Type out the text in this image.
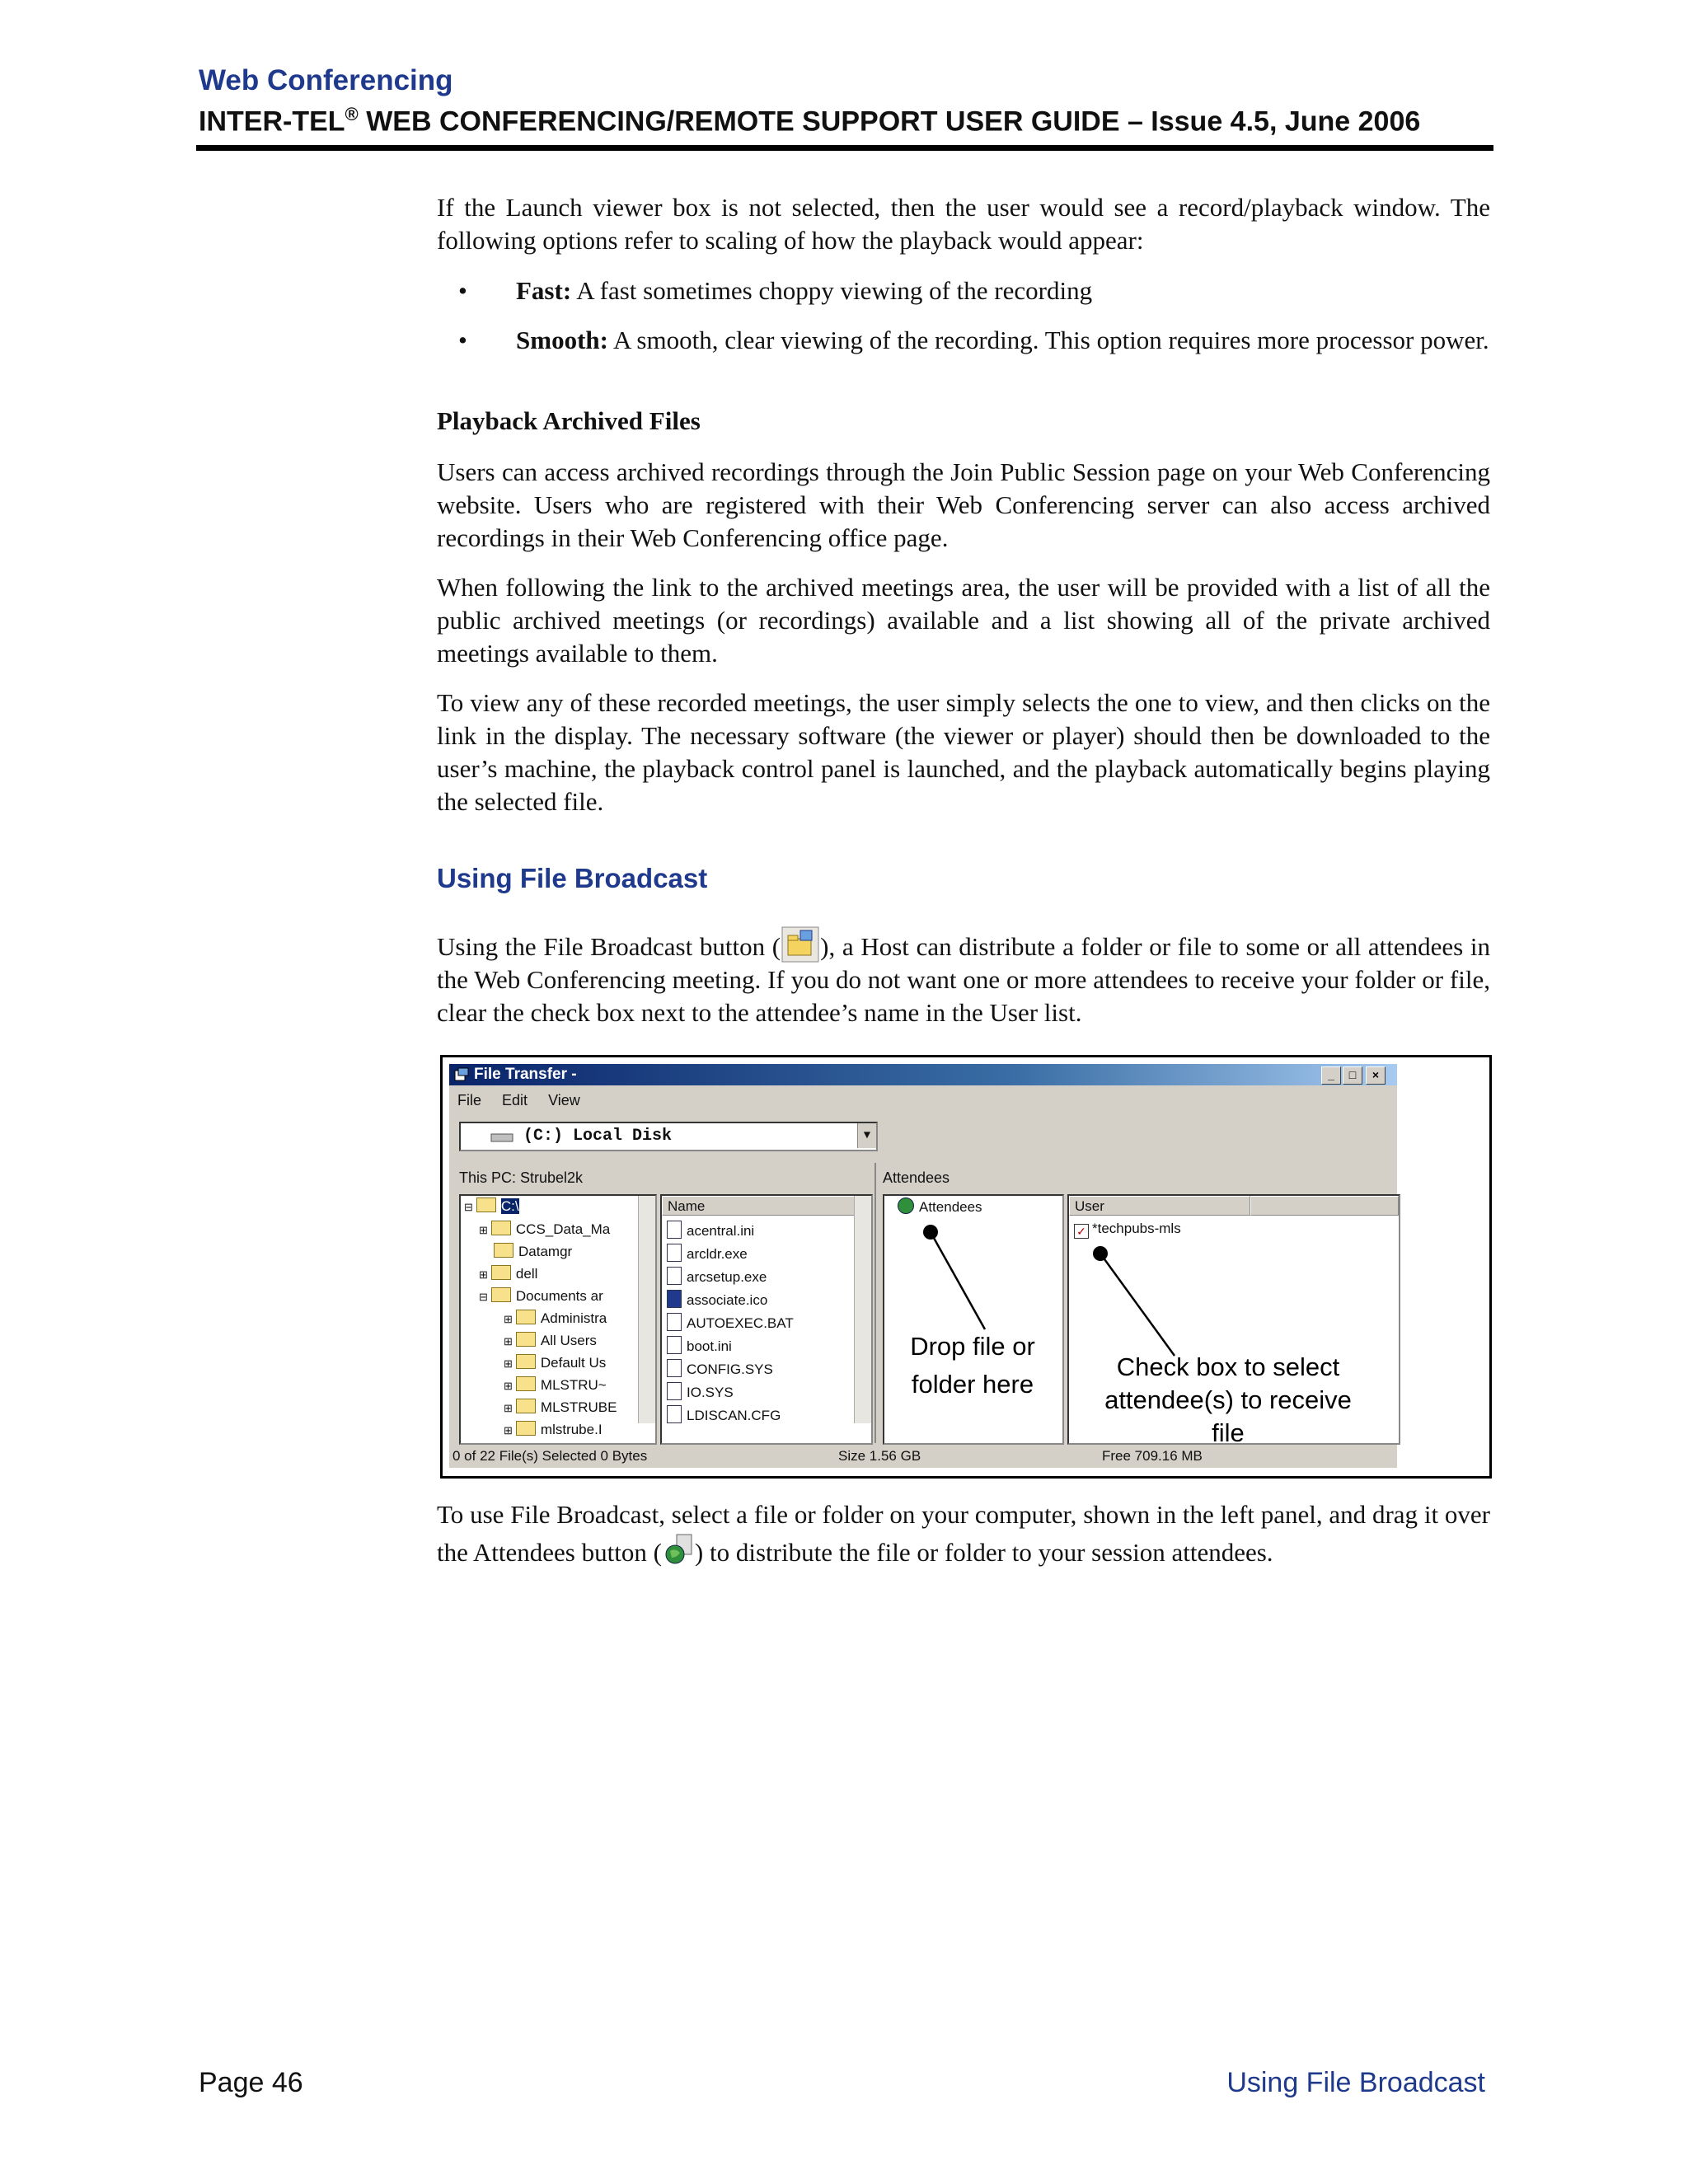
Web Conferencing
INTER-TEL® WEB CONFERENCING/REMOTE SUPPORT USER GUIDE – Issue 4.5, June 2006

If the Launch viewer box is not selected, then the user would see a record/playback window. The following options refer to scaling of how the playback would appear:

• Fast: A fast sometimes choppy viewing of the recording
• Smooth: A smooth, clear viewing of the recording. This option requires more processor power.
Playback Archived Files

Users can access archived recordings through the Join Public Session page on your Web Conferencing website. Users who are registered with their Web Conferencing server can also access archived recordings in their Web Conferencing office page.

When following the link to the archived meetings area, the user will be provided with a list of all the public archived meetings (or recordings) available and a list showing all of the private archived meetings available to them.

To view any of these recorded meetings, the user simply selects the one to view, and then clicks on the link in the display. The necessary software (the viewer or player) should then be downloaded to the user’s machine, the playback control panel is launched, and the playback automatically begins playing the selected file.

Using File Broadcast

Using the File Broadcast button ( ), a Host can distribute a folder or file to some or all attendees in the Web Conferencing meeting. If you do not want one or more attendees to receive your folder or file, clear the check box next to the attendee’s name in the User list.

File Transfer -	_	□	×
File Edit View
(C:) Local Disk	▼
This PC: Strubel2k	Attendees
⊟ C:\
⊞ CCS_Data_Ma
Datamgr
⊞ dell
⊟ Documents ar
⊞ Administra
⊞ All Users
⊞ Default Us
⊞ MLSTRU~
⊞ MLSTRUBE
⊞ mlstrube.I
Name
acentral.ini
arcldr.exe
arcsetup.exe
associate.ico
AUTOEXEC.BAT
boot.ini
CONFIG.SYS
IO.SYS
LDISCAN.CFG
Attendees	User
✓ *techpubs-mls
Drop file or folder here
Check box to select attendee(s) to receive file
0 of 22 File(s) Selected 0 Bytes	Size 1.56 GB	Free 709.16 MB

To use File Broadcast, select a file or folder on your computer, shown in the left panel, and drag it over the Attendees button ( ) to distribute the file or folder to your session attendees.

Page 46	Using File Broadcast
